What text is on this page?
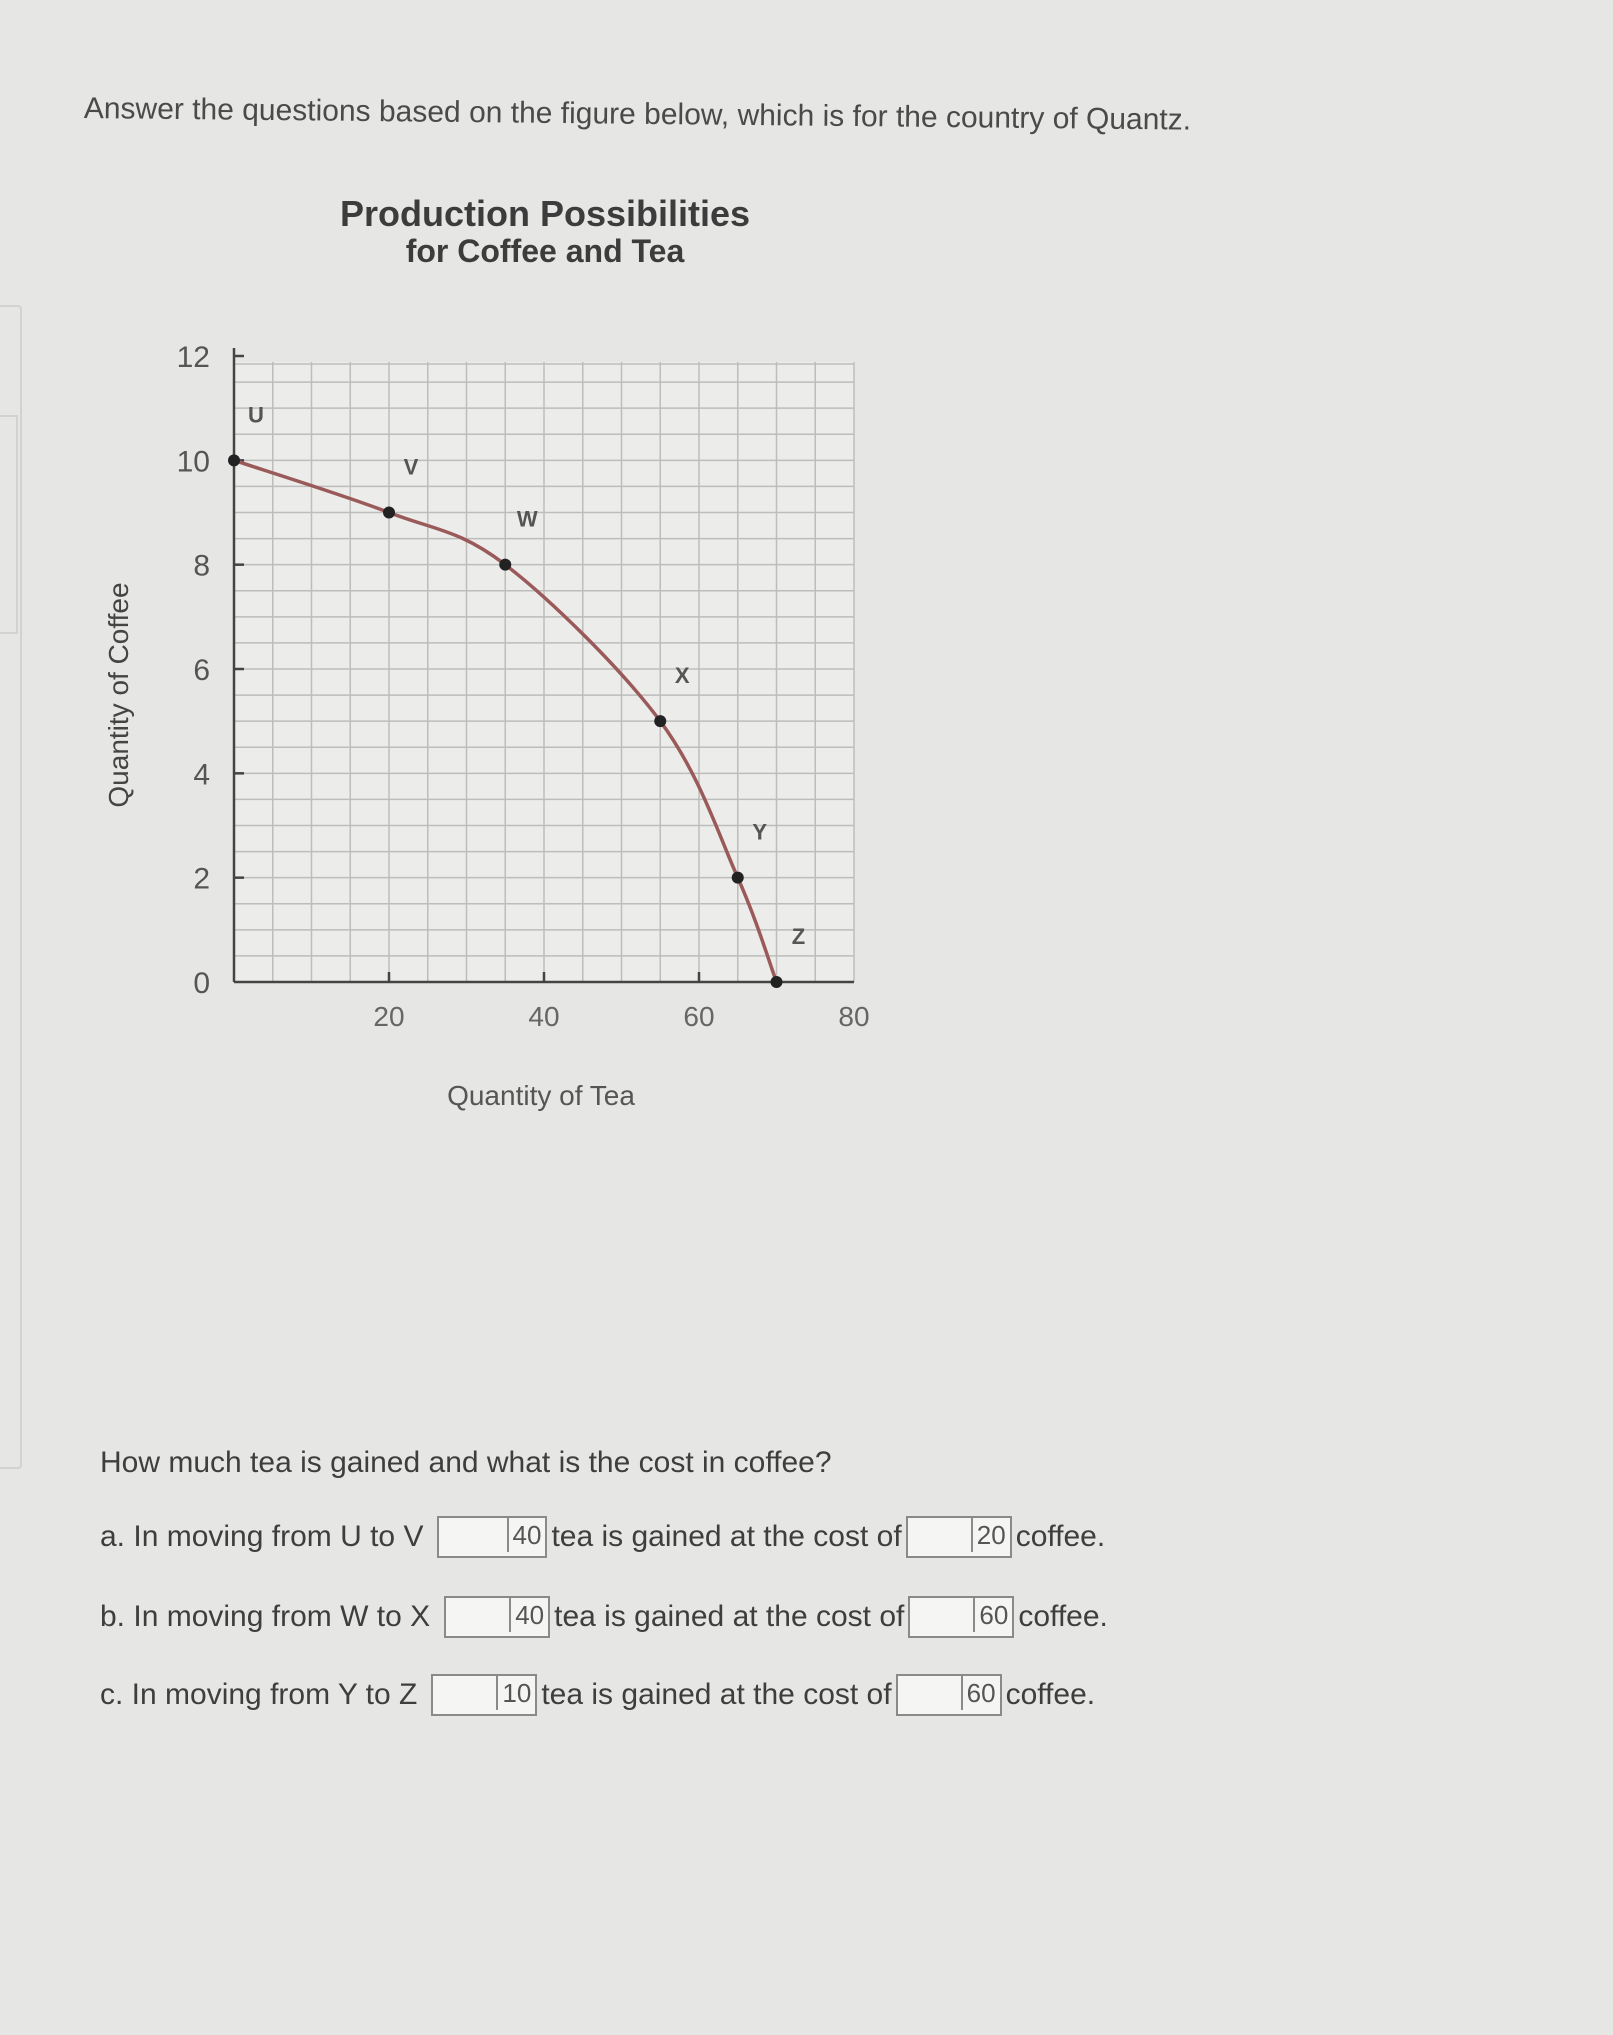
Answer the questions based on the figure below, which is for the country of Quantz.
Production Possibilities
for Coffee and Tea
0
2
4
6
8
10
12
20	40	60	80
U
V
W
X
Y
Z
Quantity of Tea
Quantity of Coffee
How much tea is gained and what is the cost in coffee?
a. In moving from U to V	40 tea is gained at the cost of	20 coffee.
b. In moving from W to X	40 tea is gained at the cost of	60 coffee.
c. In moving from Y to Z	10 tea is gained at the cost of	60 coffee.
